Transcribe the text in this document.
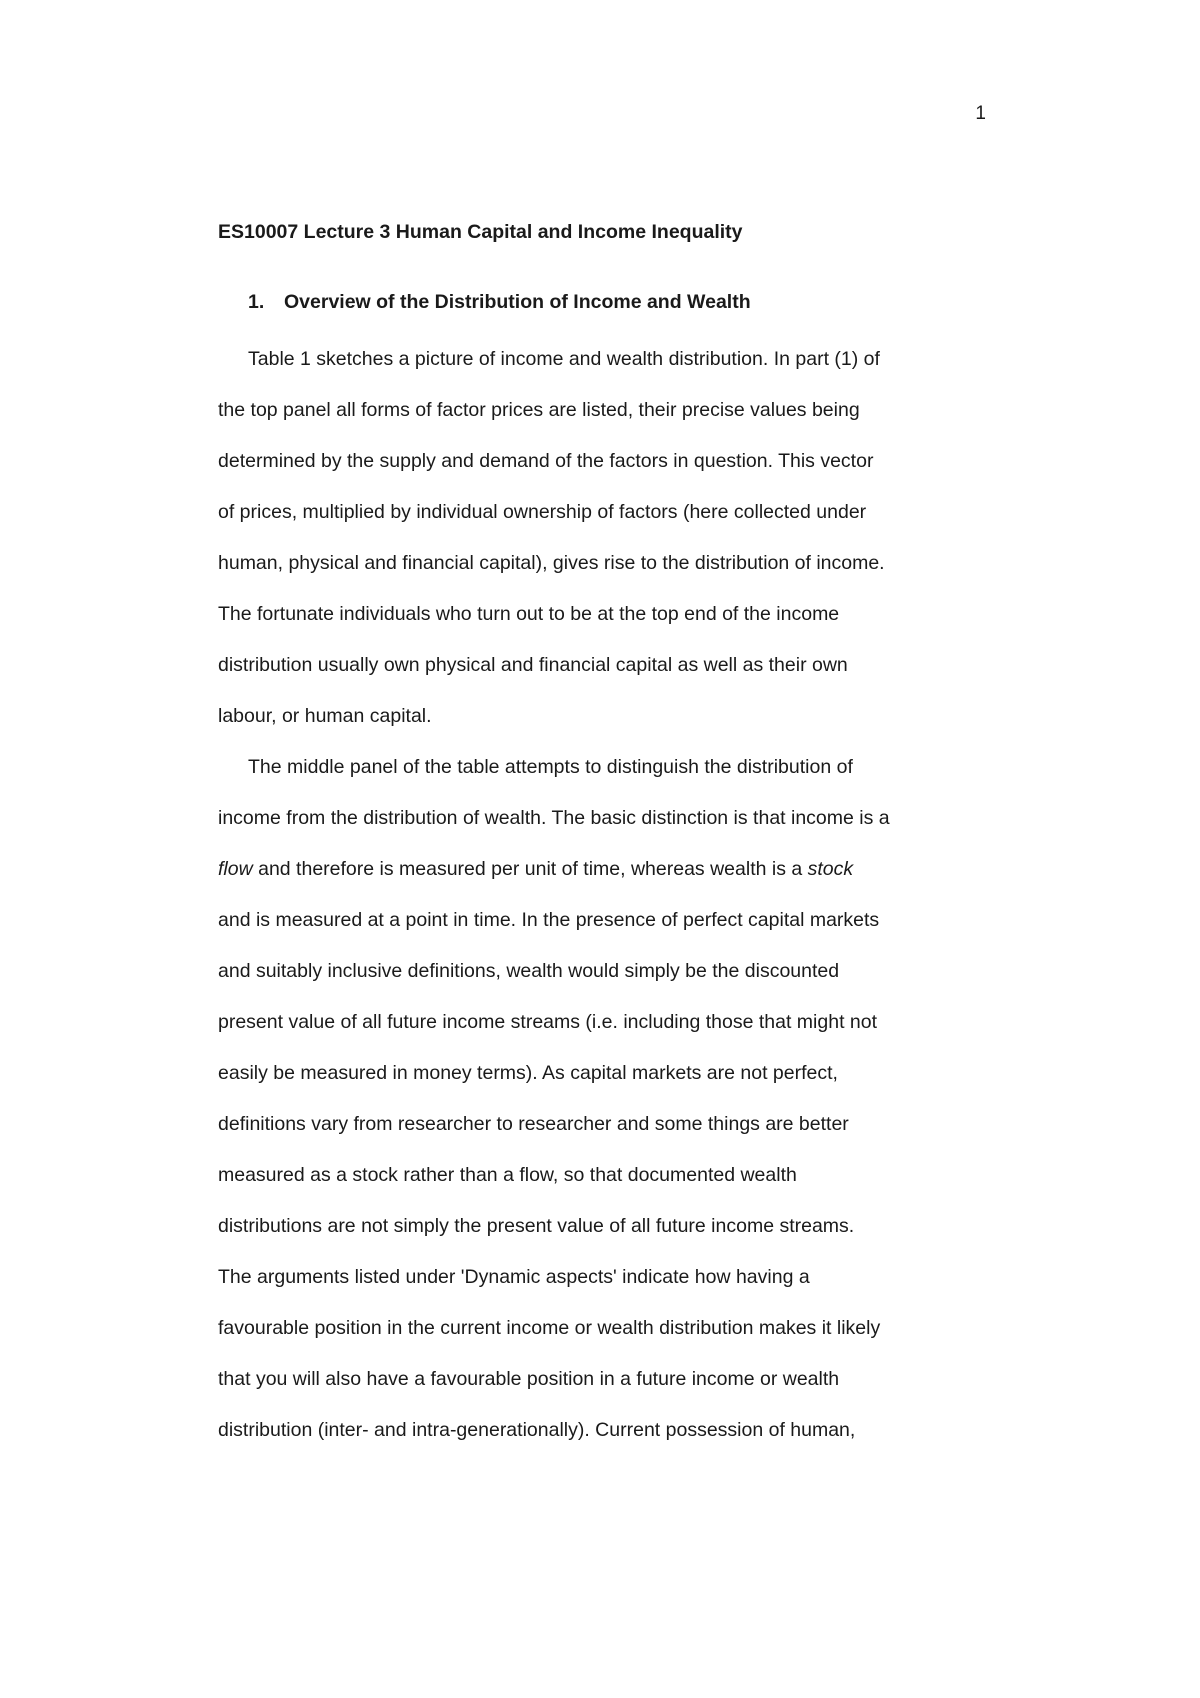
1
ES10007 Lecture 3 Human Capital and Income Inequality
1.	Overview of the Distribution of Income and Wealth
Table 1 sketches a picture of income and wealth distribution. In part (1) of
the top panel all forms of factor prices are listed, their precise values being
determined by the supply and demand of the factors in question. This vector
of prices, multiplied by individual ownership of factors (here collected under
human, physical and financial capital), gives rise to the distribution of income.
The fortunate individuals who turn out to be at the top end of the income
distribution usually own physical and financial capital as well as their own
labour, or human capital.
The middle panel of the table attempts to distinguish the distribution of
income from the distribution of wealth. The basic distinction is that income is a
flow and therefore is measured per unit of time, whereas wealth is a stock
and is measured at a point in time. In the presence of perfect capital markets
and suitably inclusive definitions, wealth would simply be the discounted
present value of all future income streams (i.e. including those that might not
easily be measured in money terms). As capital markets are not perfect,
definitions vary from researcher to researcher and some things are better
measured as a stock rather than a flow, so that documented wealth
distributions are not simply the present value of all future income streams.
The arguments listed under 'Dynamic aspects' indicate how having a
favourable position in the current income or wealth distribution makes it likely
that you will also have a favourable position in a future income or wealth
distribution (inter- and intra-generationally). Current possession of human,
